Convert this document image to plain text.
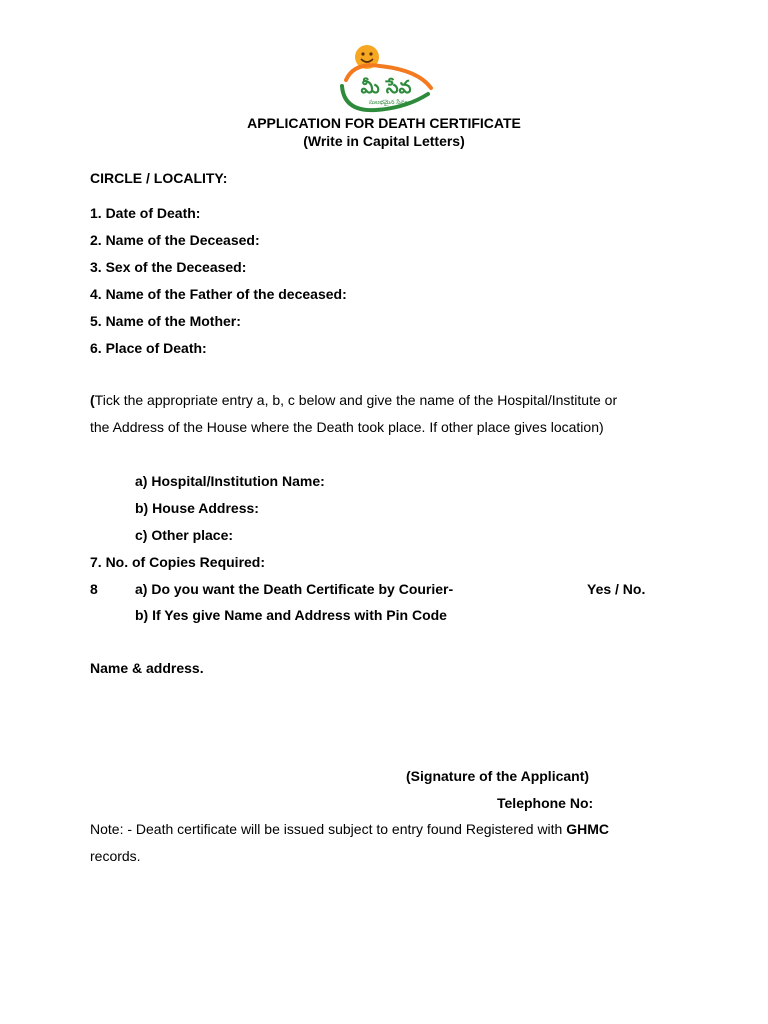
మీ సేవ
సులభమైన సేవలు
APPLICATION FOR DEATH CERTIFICATE
(Write in Capital Letters)
CIRCLE / LOCALITY:
1. Date of Death:
2. Name of the Deceased:
3. Sex of the Deceased:
4. Name of the Father of the deceased:
5. Name of the Mother:
6. Place of Death:
(Tick the appropriate entry a, b, c below and give the name of the Hospital/Institute or
the Address of the House where the Death took place. If other place gives location)
a) Hospital/Institution Name:
b) House Address:
c) Other place:
7. No. of Copies Required:
8	a) Do you want the Death Certificate by Courier-	Yes / No.
b) If Yes give Name and Address with Pin Code
Name & address.
(Signature of the Applicant)
Telephone No:
Note: - Death certificate will be issued subject to entry found Registered with GHMC
records.
